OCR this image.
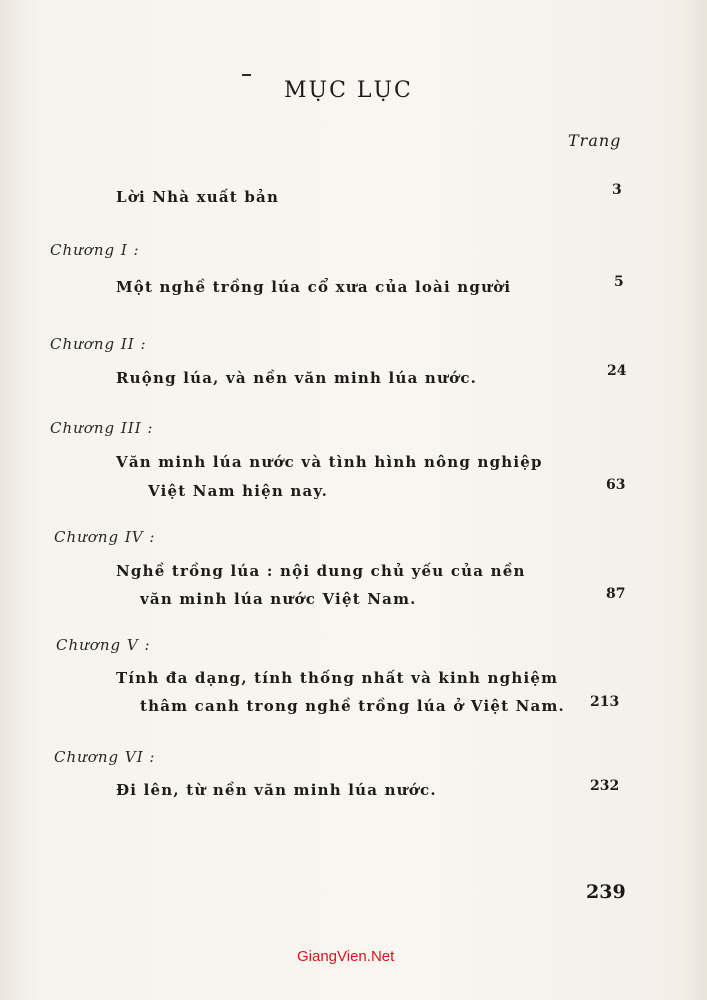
MỤC LỤC
Trang
Lời Nhà xuất bản	3
Chương I :
Một nghề trồng lúa cổ xưa của loài người	5
Chương II :
Ruộng lúa, và nền văn minh lúa nước.	24
Chương III :
Văn minh lúa nước và tình hình nông nghiệp
Việt Nam hiện nay.	63
Chương IV :
Nghề trồng lúa : nội dung chủ yếu của nền
văn minh lúa nước Việt Nam.	87
Chương V :
Tính đa dạng, tính thống nhất và kinh nghiệm
thâm canh trong nghề trồng lúa ở Việt Nam. 213
Chương VI :
Đi lên, từ nền văn minh lúa nước.	232
239
GiangVien.Net
